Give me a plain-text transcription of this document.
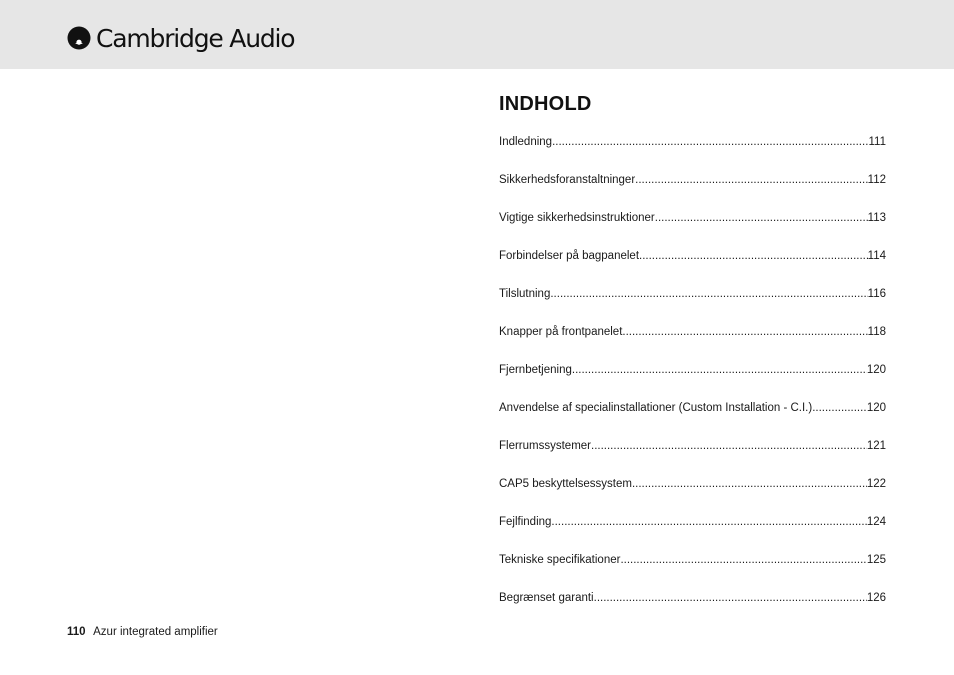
Cambridge Audio
INDHOLD
Indledning .....	111
Sikkerhedsforanstaltninger .....	112
Vigtige sikkerhedsinstruktioner .....	113
Forbindelser på bagpanelet .....	114
Tilslutning .....	116
Knapper på frontpanelet .....	118
Fjernbetjening .....	120
Anvendelse af specialinstallationer (Custom Installation - C.I.) .....	120
Flerrumssystemer .....	121
CAP5 beskyttelsessystem .....	122
Fejlfinding .....	124
Tekniske specifikationer .....	125
Begrænset garanti .....	126
110 Azur integrated amplifier
